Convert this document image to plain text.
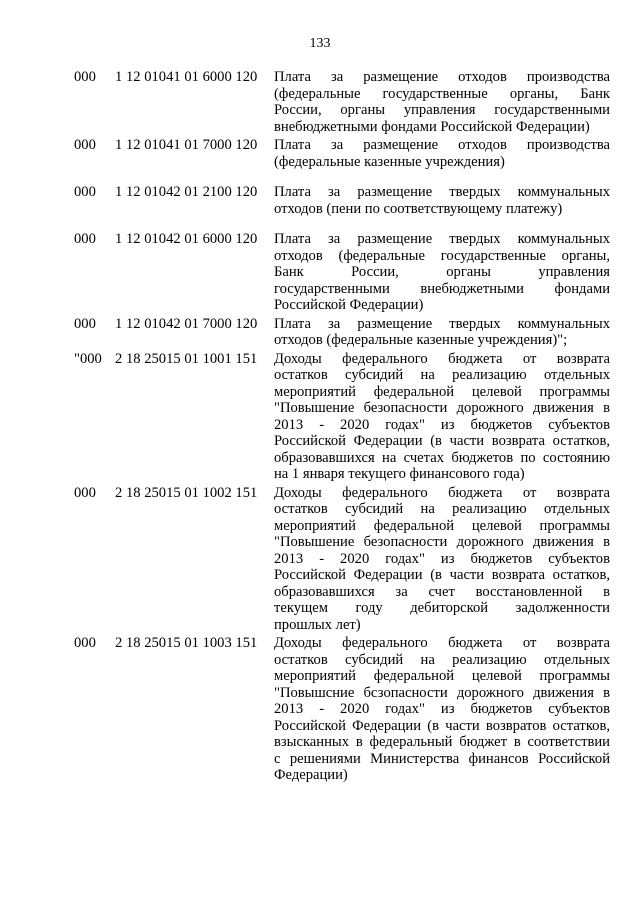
133
000 1 12 01041 01 6000 120 Плата за размещение отходов производства
(федеральные государственные органы, Банк
России, органы управления государственными
внебюджетными фондами Российской Федерации)
000 1 12 01041 01 7000 120 Плата за размещение отходов производства
(федеральные казенные учреждения)
000 1 12 01042 01 2100 120 Плата за размещение твердых коммунальных
отходов (пени по соответствующему платежу)
000 1 12 01042 01 6000 120 Плата за размещение твердых коммунальных
отходов (федеральные государственные органы,
Банк России, органы управления
государственными внебюджетными фондами
Российской Федерации)
000 1 12 01042 01 7000 120 Плата за размещение твердых коммунальных
отходов (федеральные казенные учреждения)";
"000 2 18 25015 01 1001 151 Доходы федерального бюджета от возврата
остатков субсидий на реализацию отдельных
мероприятий федеральной целевой программы
"Повышение безопасности дорожного движения в
2013 - 2020 годах" из бюджетов субъектов
Российской Федерации (в части возврата остатков,
образовавшихся на счетах бюджетов по состоянию
на 1 января текущего финансового года)
000 2 18 25015 01 1002 151 Доходы федерального бюджета от возврата
остатков субсидий на реализацию отдельных
мероприятий федеральной целевой программы
"Повышение безопасности дорожного движения в
2013 - 2020 годах" из бюджетов субъектов
Российской Федерации (в части возврата остатков,
образовавшихся за счет восстановленной в
текущем году дебиторской задолженности
прошлых лет)
000 2 18 25015 01 1003 151 Доходы федерального бюджета от возврата
остатков субсидий на реализацию отдельных
мероприятий федеральной целевой программы
"Повышсние бсзопасности дорожного движения в
2013 - 2020 годах" из бюджетов субъектов
Российской Федерации (в части возвратов остатков,
взысканных в федеральный бюджет в соответствии
с решениями Министерства финансов Российской
Федерации)
